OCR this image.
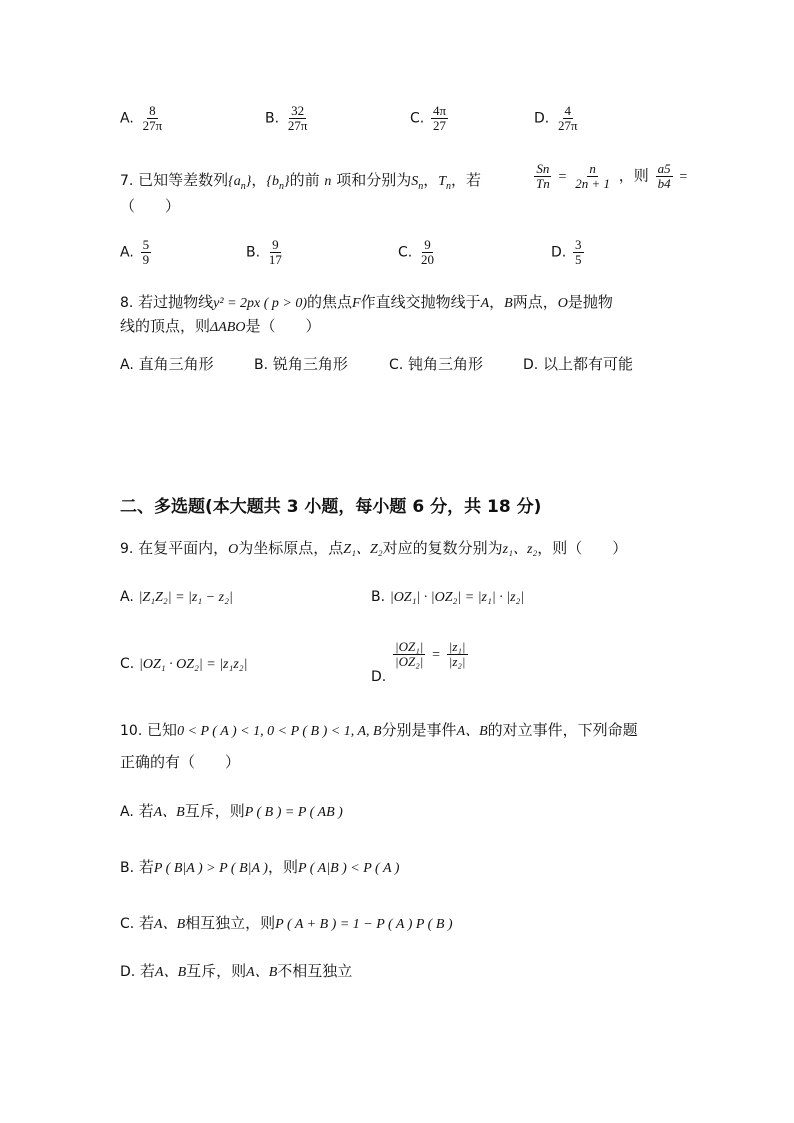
A. $\frac{8}{27\pi}$	B. $\frac{32}{27\pi}$	C. $\frac{4\pi}{27}$	D. $\frac{4}{27\pi}$
7. 已知等差数列$\{a_n\}$，$\{b_n\}$的前 n 项和分别为$S_n$，$T_n$，若	$\frac{Sn}{Tn} = \frac{n}{2n + 1}$ ，则 $\frac{a5}{b4}$ =
（　　）
A. $\frac{5}{9}$	B. $\frac{9}{17}$	C. $\frac{9}{20}$	D. $\frac{3}{5}$
8. 若过抛物线y² = 2px ( p > 0)的焦点F作直线交抛物线于A，B两点，O是抛物
线的顶点，则ΔABO是（　　）
A. 直角三角形	B. 锐角三角形	C. 钝角三角形	D. 以上都有可能
二、多选题(本大题共 3 小题，每小题 6 分，共 18 分)
9. 在复平面内，O为坐标原点，点Z₁、Z₂对应的复数分别为z₁、z₂，则（　　）
A. |Z₁Z₂| = |z₁ − z₂|	B. |OZ₁| · |OZ₂| = |z₁| · |z₂|
C. |OZ₁ · OZ₂| = |z₁z₂|
D.
$\frac{\text{|OZ₁|}}{\text{|OZ₂|}} = \frac{\text{|z₁|}}{\text{|z₂|}}$
10. 已知0 < P ( A ) < 1, 0 < P ( B ) < 1, A, B分别是事件A、B的对立事件，下列命题
正确的有（　　）
A. 若A、B互斥，则P ( B ) = P ( AB )
B. 若P ( B|A ) > P ( B|A )，则P ( A|B ) < P ( A )
C. 若A、B相互独立，则P ( A + B ) = 1 − P ( A ) P ( B )
D. 若A、B互斥，则A、B不相互独立
